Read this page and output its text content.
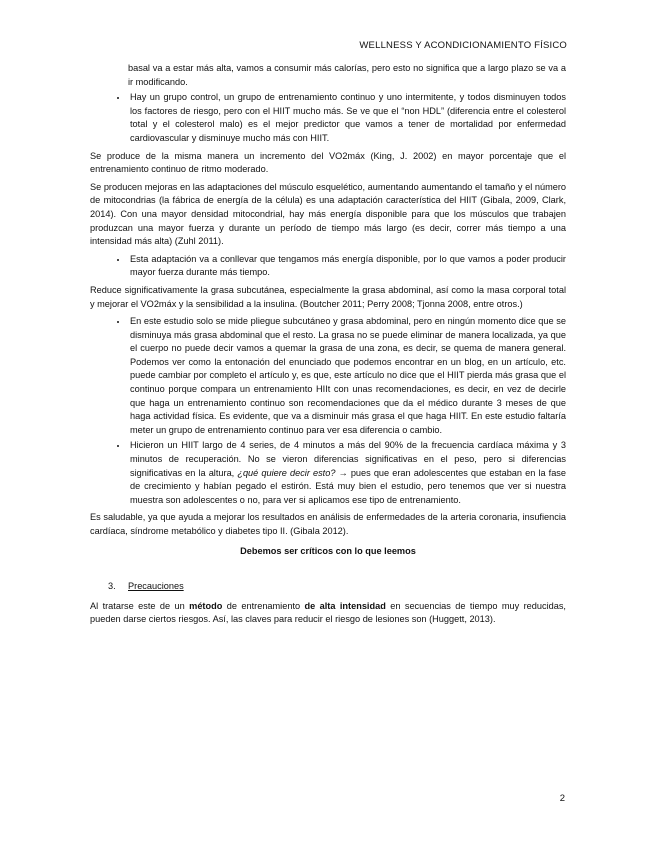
WELLNESS Y ACONDICIONAMIENTO FÍSICO
basal va a estar más alta, vamos a consumir más calorías, pero esto no significa que a largo plazo se va a ir modificando.
• Hay un grupo control, un grupo de entrenamiento continuo y uno intermitente, y todos disminuyen todos los factores de riesgo, pero con el HIIT mucho más. Se ve que el “non HDL” (diferencia entre el colesterol total y el colesterol malo) es el mejor predictor que vamos a tener de mortalidad por enfermedad cardiovascular y disminuye mucho más con HIIT.

Se produce de la misma manera un incremento del VO2máx (King, J. 2002) en mayor porcentaje que el entrenamiento continuo de ritmo moderado.

Se producen mejoras en las adaptaciones del músculo esquelético, aumentando aumentando el tamaño y el número de mitocondrias (la fábrica de energía de la célula) es una adaptación característica del HIIT (Gibala, 2009, Clark, 2014). Con una mayor densidad mitocondrial, hay más energía disponible para que los músculos que trabajen produzcan una mayor fuerza y durante un período de tiempo más largo (es decir, correr más tiempo a una intensidad más alta) (Zuhl 2011).

• Esta adaptación va a conllevar que tengamos más energía disponible, por lo que vamos a poder producir mayor fuerza durante más tiempo.

Reduce significativamente la grasa subcutánea, especialmente la grasa abdominal, así como la masa corporal total y mejorar el VO2máx y la sensibilidad a la insulina. (Boutcher 2011; Perry 2008; Tjonna 2008, entre otros.)

• En este estudio solo se mide pliegue subcutáneo y grasa abdominal, pero en ningún momento dice que se disminuya más grasa abdominal que el resto. La grasa no se puede eliminar de manera localizada, ya que el cuerpo no puede decir vamos a quemar la grasa de una zona, es decir, se quema de manera general. Podemos ver como la entonación del enunciado que podemos encontrar en un blog, en un artículo, etc. puede cambiar por completo el artículo y, es que, este artículo no dice que el HIIT pierda más grasa que el continuo porque compara un entrenamiento HIIt con unas recomendaciones, es decir, en vez de decirle que haga un entrenamiento continuo son recomendaciones que da el médico durante 3 meses de que haga actividad física. Es evidente, que va a disminuir más grasa el que haga HIIT. En este estudio faltaría meter un grupo de entrenamiento continuo para ver esa diferencia o cambio.
• Hicieron un HIIT largo de 4 series, de 4 minutos a más del 90% de la frecuencia cardíaca máxima y 3 minutos de recuperación. No se vieron diferencias significativas en el peso, pero si diferencias significativas en la altura, ¿qué quiere decir esto? → pues que eran adolescentes que estaban en la fase de crecimiento y habían pegado el estirón. Está muy bien el estudio, pero tenemos que ver si nuestra muestra son adolescentes o no, para ver si aplicamos ese tipo de entrenamiento.

Es saludable, ya que ayuda a mejorar los resultados en análisis de enfermedades de la arteria coronaria, insufiencia cardíaca, síndrome metabólico y diabetes tipo II. (Gibala 2012).

Debemos ser críticos con lo que leemos

3. Precauciones

Al tratarse este de un método de entrenamiento de alta intensidad en secuencias de tiempo muy reducidas, pueden darse ciertos riesgos. Así, las claves para reducir el riesgo de lesiones son (Huggett, 2013).

2
